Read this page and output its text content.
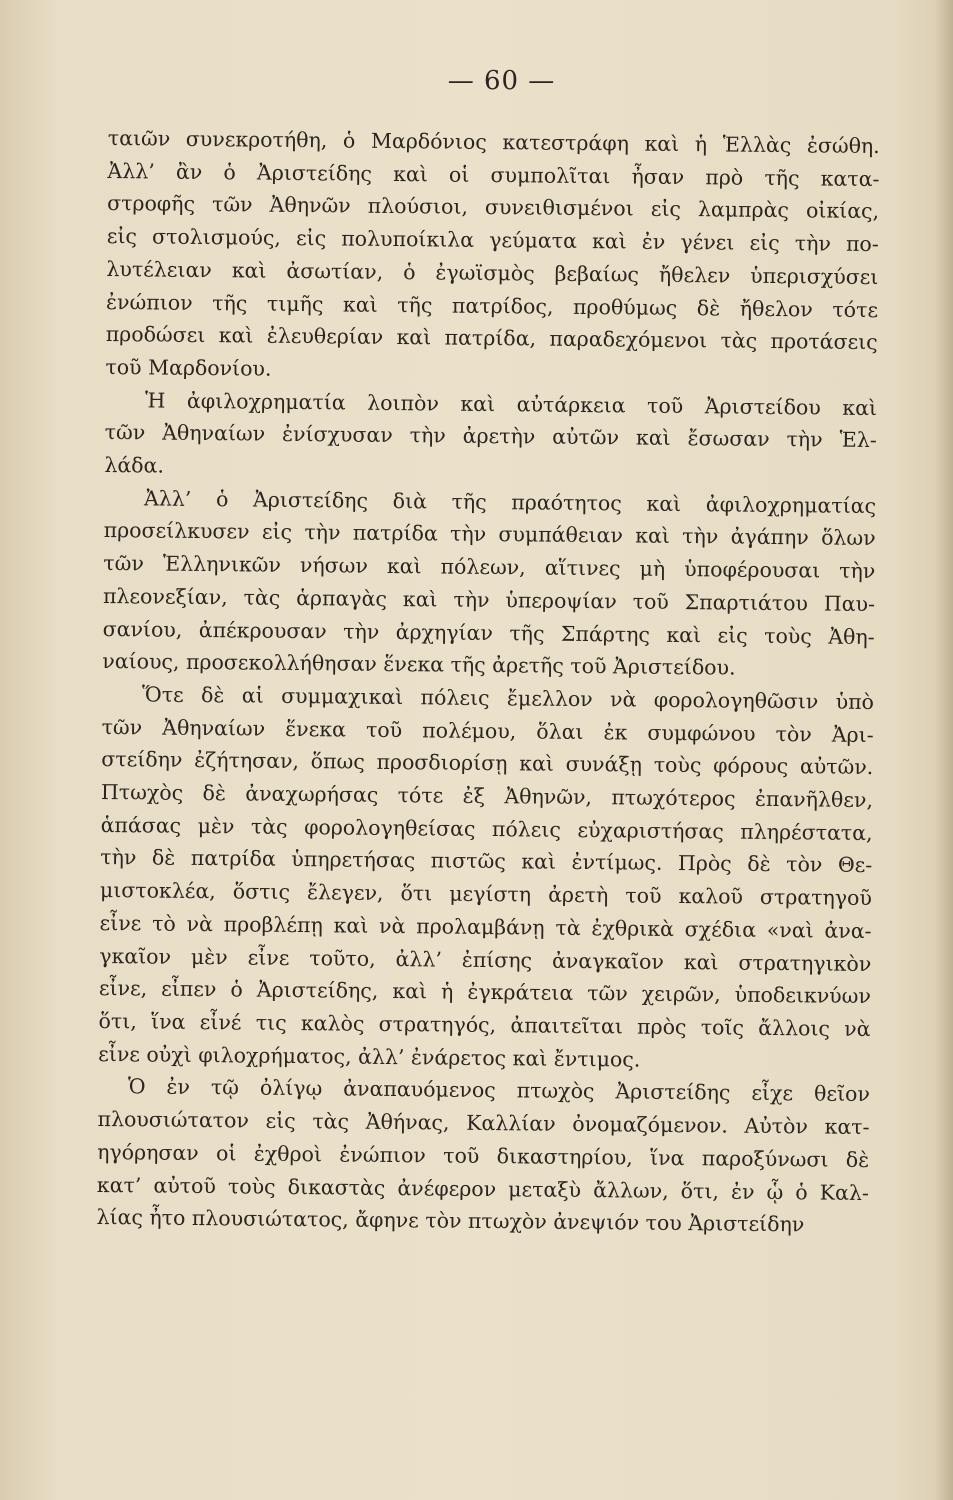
— 60 —

ταιῶν συνεκροτήθη, ὁ Μαρδόνιος κατεστράφη καὶ ἡ Ἑλλὰς ἐσώθη.
Ἀλλ’ ἂν ὁ Ἀριστείδης καὶ οἱ συμπολῖται ἦσαν πρὸ τῆς κατα-
στροφῆς τῶν Ἀθηνῶν πλούσιοι, συνειθισμένοι εἰς λαμπρὰς οἰκίας,
εἰς στολισμούς, εἰς πολυποίκιλα γεύματα καὶ ἐν γένει εἰς τὴν πο-
λυτέλειαν καὶ ἀσωτίαν, ὁ ἐγωϊσμὸς βεβαίως ἤθελεν ὑπερισχύσει
ἐνώπιον τῆς τιμῆς καὶ τῆς πατρίδος, προθύμως δὲ ἤθελον τότε
προδώσει καὶ ἐλευθερίαν καὶ πατρίδα, παραδεχόμενοι τὰς προτάσεις
τοῦ Μαρδονίου.

Ἡ ἀφιλοχρηματία λοιπὸν καὶ αὐτάρκεια τοῦ Ἀριστείδου καὶ
τῶν Ἀθηναίων ἐνίσχυσαν τὴν ἀρετὴν αὐτῶν καὶ ἔσωσαν τὴν Ἑλ-
λάδα.

Ἀλλ’ ὁ Ἀριστείδης διὰ τῆς πραότητος καὶ ἀφιλοχρηματίας
προσείλκυσεν εἰς τὴν πατρίδα τὴν συμπάθειαν καὶ τὴν ἀγάπην ὅλων
τῶν Ἑλληνικῶν νήσων καὶ πόλεων, αἵτινες μὴ ὑποφέρουσαι τὴν
πλεονεξίαν, τὰς ἁρπαγὰς καὶ τὴν ὑπεροψίαν τοῦ Σπαρτιάτου Παυ-
σανίου, ἀπέκρουσαν τὴν ἀρχηγίαν τῆς Σπάρτης καὶ εἰς τοὺς Ἀθη-
ναίους, προσεκολλήθησαν ἕνεκα τῆς ἀρετῆς τοῦ Ἀριστείδου.

Ὅτε δὲ αἱ συμμαχικαὶ πόλεις ἔμελλον νὰ φορολογηθῶσιν ὑπὸ
τῶν Ἀθηναίων ἕνεκα τοῦ πολέμου, ὅλαι ἐκ συμφώνου τὸν Ἀρι-
στείδην ἐζήτησαν, ὅπως προσδιορίσῃ καὶ συνάξῃ τοὺς φόρους αὐτῶν.
Πτωχὸς δὲ ἀναχωρήσας τότε ἐξ Ἀθηνῶν, πτωχότερος ἐπανῆλθεν,
ἁπάσας μὲν τὰς φορολογηθείσας πόλεις εὐχαριστήσας πληρέστατα,
τὴν δὲ πατρίδα ὑπηρετήσας πιστῶς καὶ ἐντίμως. Πρὸς δὲ τὸν Θε-
μιστοκλέα, ὅστις ἔλεγεν, ὅτι μεγίστη ἀρετὴ τοῦ καλοῦ στρατηγοῦ
εἶνε τὸ νὰ προβλέπῃ καὶ νὰ προλαμβάνῃ τὰ ἐχθρικὰ σχέδια «ναὶ ἀνα-
γκαῖον μὲν εἶνε τοῦτο, ἀλλ’ ἐπίσης ἀναγκαῖον καὶ στρατηγικὸν
εἶνε, εἶπεν ὁ Ἀριστείδης, καὶ ἡ ἐγκράτεια τῶν χειρῶν, ὑποδεικνύων
ὅτι, ἵνα εἶνέ τις καλὸς στρατηγός, ἀπαιτεῖται πρὸς τοῖς ἄλλοις νὰ
εἶνε οὐχὶ φιλοχρήματος, ἀλλ’ ἐνάρετος καὶ ἔντιμος.

Ὁ ἐν τῷ ὀλίγῳ ἀναπαυόμενος πτωχὸς Ἀριστείδης εἶχε θεῖον
πλουσιώτατον εἰς τὰς Ἀθήνας, Καλλίαν ὀνομαζόμενον. Αὐτὸν κατ-
ηγόρησαν οἱ ἐχθροὶ ἐνώπιον τοῦ δικαστηρίου, ἵνα παροξύνωσι δὲ
κατ’ αὐτοῦ τοὺς δικαστὰς ἀνέφερον μεταξὺ ἄλλων, ὅτι, ἐν ᾧ ὁ Καλ-
λίας ἦτο πλουσιώτατος, ἄφηνε τὸν πτωχὸν ἀνεψιόν του Ἀριστείδην
